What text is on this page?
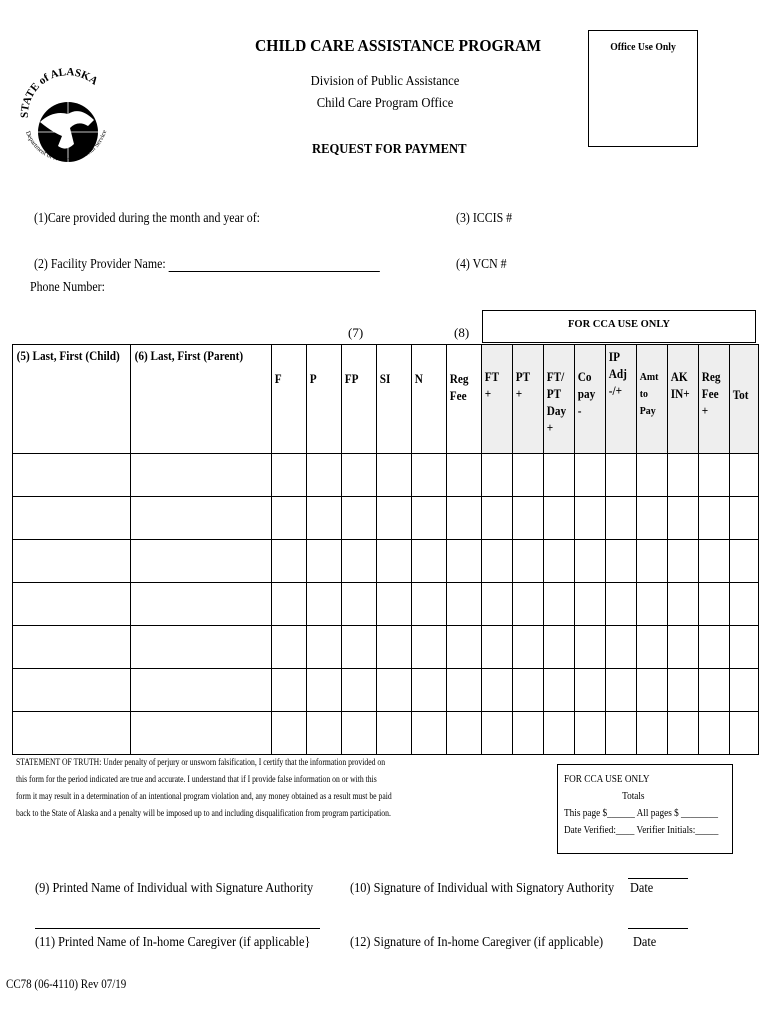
STATE of ALASKA
Department of Health and Social Service
CHILD CARE ASSISTANCE PROGRAM
Division of Public Assistance
Child Care Program Office
Office Use Only
REQUEST FOR PAYMENT
(1)Care provided during the month and year of:	(3) ICCIS #
(2) Facility Provider Name:	(4) VCN #
Phone Number:
(7)	(8)
FOR CCA USE ONLY
(5) Last, First (Child)	(6) Last, First (Parent)	F	P	FP	SI	N	Reg Fee	FT +	PT +	FT/ PT Day +	Co pay -	IP Adj -/+	Amt to Pay	AK IN+	Reg Fee +	Tot

STATEMENT OF TRUTH: Under penalty of perjury or unsworn falsification, I certify that the information provided on this form for the period indicated are true and accurate. I understand that if I provide false information on or with this form it may result in a determination of an intentional program violation and, any money obtained as a result must be paid back to the State of Alaska and a penalty will be imposed up to and including disqualification from program participation.
FOR CCA USE ONLY
Totals
This page $______ All pages $ ________
Date Verified:____ Verifier Initials:_____
(9) Printed Name of Individual with Signature Authority	(10) Signature of Individual with Signatory Authority Date
(11) Printed Name of In-home Caregiver (if applicable}	(12) Signature of In-home Caregiver (if applicable) Date
CC78 (06-4110) Rev 07/19
